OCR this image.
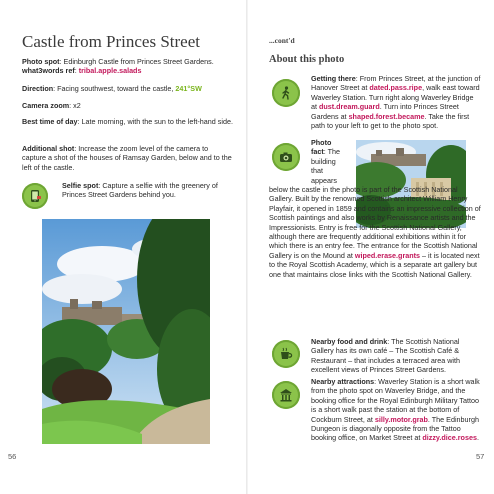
Castle from Princes Street

Photo spot: Edinburgh Castle from Princes Street Gardens.
what3words ref: tribal.apple.salads

Direction: Facing southwest, toward the castle, 241°SW

Camera zoom: x2

Best time of day: Late morning, with the sun to the left-hand side.

Additional shot: Increase the zoom level of the camera to capture a shot of the houses of Ramsay Garden, below and to the left of the castle.

Selfie spot: Capture a selfie with the greenery of Princes Street Gardens behind you.

56
...cont'd
About this photo

Getting there: From Princes Street, at the junction of Hanover Street at dated.pass.ripe, walk east toward Waverley Station. Turn right along Waverley Bridge at dust.dream.guard. Turn into Princes Street Gardens at shaped.forest.became. Take the first path to your left to get to the photo spot.

Photo
fact: The
building
that
appears

below the castle in the photo is part of the Scottish National Gallery. Built by the renowned Scottish architect William Henry Playfair, it opened in 1859 and contains an impressive collection of Scottish paintings and also works by Renaissance artists and the Impressionists. Entry is free for the Scottish National Gallery, although there are frequently additional exhibitions within it for which there is an entry fee. The entrance for the Scottish National Gallery is on the Mound at wiped.erase.grants – it is located next to the Royal Scottish Academy, which is a separate art gallery but one that maintains close links with the Scottish National Gallery.

Nearby food and drink: The Scottish National Gallery has its own café – The Scottish Café & Restaurant – that includes a terraced area with excellent views of Princes Street Gardens.

Nearby attractions: Waverley Station is a short walk from the photo spot on Waverley Bridge, and the booking office for the Royal Edinburgh Military Tattoo is a short walk past the station at the bottom of Cockburn Street, at silly.motor.grab. The Edinburgh Dungeon is diagonally opposite from the Tattoo booking office, on Market Street at dizzy.dice.roses.

57
